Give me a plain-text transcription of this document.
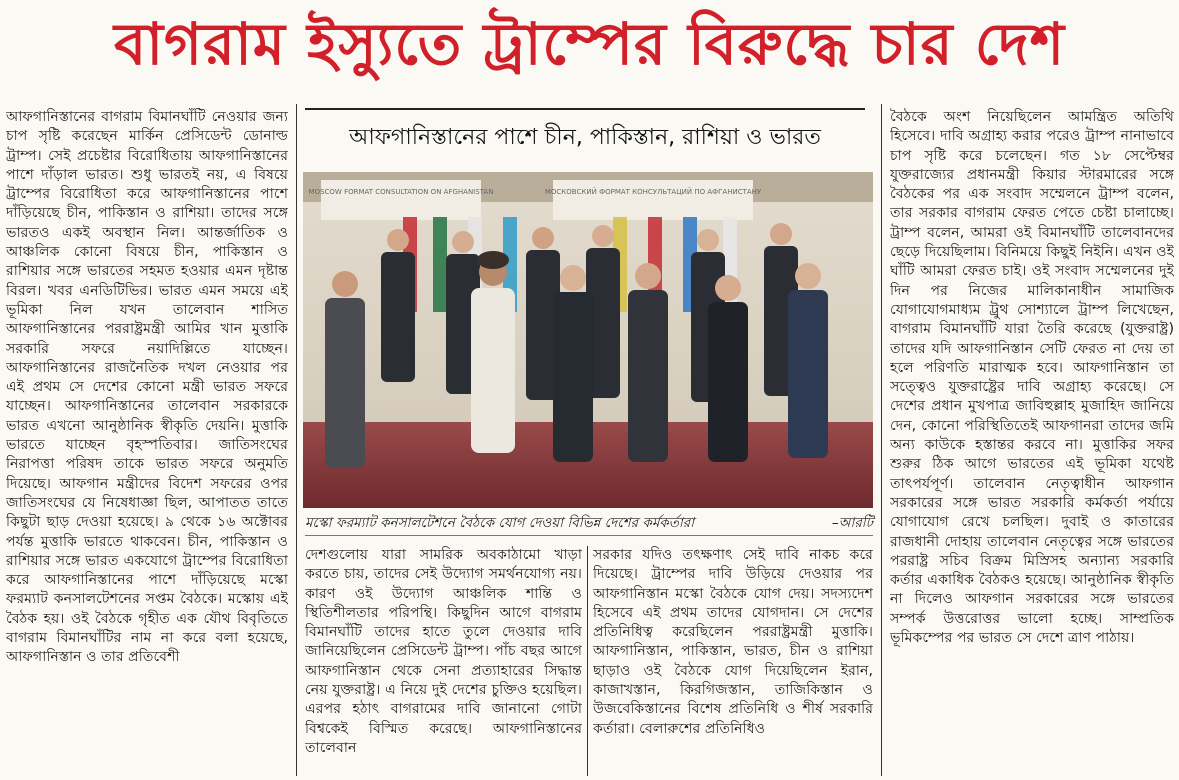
বাগরাম ইস্যুতে ট্রাম্পের বিরুদ্ধে চার দেশ

আফগানিস্তানের বাগরাম বিমানঘাঁটি নেওয়ার জন্য চাপ সৃষ্টি করেছেন মার্কিন প্রেসিডেন্ট ডোনাল্ড ট্রাম্প। সেই প্রচেষ্টার বিরোধিতায় আফগানিস্তানের পাশে দাঁড়াল ভারত। শুধু ভারতই নয়, এ বিষয়ে ট্রাম্পের বিরোধিতা করে আফগানিস্তানের পাশে দাঁড়িয়েছে চীন, পাকিস্তান ও রাশিয়া। তাদের সঙ্গে ভারতও একই অবস্থান নিল। আন্তর্জাতিক ও আঞ্চলিক কোনো বিষয়ে চীন, পাকিস্তান ও রাশিয়ার সঙ্গে ভারতের সহমত হওয়ার এমন দৃষ্টান্ত বিরল। খবর এনডিটিভির। ভারত এমন সময়ে এই ভূমিকা নিল যখন তালেবান শাসিত আফগানিস্তানের পররাষ্ট্রমন্ত্রী আমির খান মুত্তাকি সরকারি সফরে নয়াদিল্লিতে যাচ্ছেন। আফগানিস্তানের রাজনৈতিক দখল নেওয়ার পর এই প্রথম সে দেশের কোনো মন্ত্রী ভারত সফরে যাচ্ছেন। আফগানিস্তানের তালেবান সরকারকে ভারত এখনো আনুষ্ঠানিক স্বীকৃতি দেয়নি। মুত্তাকি ভারতে যাচ্ছেন বৃহস্পতিবার। জাতিসংঘের নিরাপত্তা পরিষদ তাকে ভারত সফরে অনুমতি দিয়েছে। আফগান মন্ত্রীদের বিদেশ সফরের ওপর জাতিসংঘের যে নিষেধাজ্ঞা ছিল, আপাতত তাতে কিছুটা ছাড় দেওয়া হয়েছে। ৯ থেকে ১৬ অক্টোবর পর্যন্ত মুত্তাকি ভারতে থাকবেন। চীন, পাকিস্তান ও রাশিয়ার সঙ্গে ভারত একযোগে ট্রাম্পের বিরোধিতা করে আফগানিস্তানের পাশে দাঁড়িয়েছে মস্কো ফরম্যাট কনসালটেশনের সপ্তম বৈঠকে। মস্কোয় এই বৈঠক হয়। ওই বৈঠকে গৃহীত এক যৌথ বিবৃতিতে বাগরাম বিমানঘাঁটির নাম না করে বলা হয়েছে, আফগানিস্তান ও তার প্রতিবেশী

আফগানিস্তানের পাশে চীন, পাকিস্তান, রাশিয়া ও ভারত
MOSCOW FORMAT CONSULTATION ON AFGHANISTAN	МОСКОВСКИЙ ФОРМАТ КОНСУЛЬТАЦИЙ ПО АФГАНИСТАНУ
মস্কো ফরম্যাট কনসালটেশনে বৈঠকে যোগ দেওয়া বিভিন্ন দেশের কর্মকর্তারা	–আরটি

দেশগুলোয় যারা সামরিক অবকাঠামো খাড়া করতে চায়, তাদের সেই উদ্যোগ সমর্থনযোগ্য নয়। কারণ ওই উদ্যোগ আঞ্চলিক শান্তি ও স্থিতিশীলতার পরিপন্থি। কিছুদিন আগে বাগরাম বিমানঘাঁটি তাদের হাতে তুলে দেওয়ার দাবি জানিয়েছিলেন প্রেসিডেন্ট ট্রাম্প। পাঁচ বছর আগে আফগানিস্তান থেকে সেনা প্রত্যাহারের সিদ্ধান্ত নেয় যুক্তরাষ্ট্র। এ নিয়ে দুই দেশের চুক্তিও হয়েছিল। এরপর হঠাৎ বাগরামের দাবি জানানো গোটা বিশ্বকেই বিস্মিত করেছে। আফগানিস্তানের তালেবান

সরকার যদিও তৎক্ষণাৎ সেই দাবি নাকচ করে দিয়েছে। ট্রাম্পের দাবি উড়িয়ে দেওয়ার পর আফগানিস্তান মস্কো বৈঠকে যোগ দেয়। সদস্যদেশ হিসেবে এই প্রথম তাদের যোগদান। সে দেশের প্রতিনিধিত্ব করেছিলেন পররাষ্ট্রমন্ত্রী মুত্তাকি। আফগানিস্তান, পাকিস্তান, ভারত, চীন ও রাশিয়া ছাড়াও ওই বৈঠকে যোগ দিয়েছিলেন ইরান, কাজাখস্তান, কিরগিজস্তান, তাজিকিস্তান ও উজবেকিস্তানের বিশেষ প্রতিনিধি ও শীর্ষ সরকারি কর্তারা। বেলারুশের প্রতিনিধিও

বৈঠকে অংশ নিয়েছিলেন আমন্ত্রিত অতিথি হিসেবে। দাবি অগ্রাহ্য করার পরেও ট্রাম্প নানাভাবে চাপ সৃষ্টি করে চলেছেন। গত ১৮ সেপ্টেম্বর যুক্তরাজ্যের প্রধানমন্ত্রী কিয়ার স্টারমারের সঙ্গে বৈঠকের পর এক সংবাদ সম্মেলনে ট্রাম্প বলেন, তার সরকার বাগরাম ফেরত পেতে চেষ্টা চালাচ্ছে। ট্রাম্প বলেন, আমরা ওই বিমানঘাঁটি তালেবানদের ছেড়ে দিয়েছিলাম। বিনিময়ে কিছুই নিইনি। এখন ওই ঘাঁটি আমরা ফেরত চাই। ওই সংবাদ সম্মেলনের দুই দিন পর নিজের মালিকানাধীন সামাজিক যোগাযোগমাধ্যম ট্রুথ সোশ্যালে ট্রাম্প লিখেছেন, বাগরাম বিমানঘাঁটি যারা তৈরি করেছে (যুক্তরাষ্ট্র) তাদের যদি আফগানিস্তান সেটি ফেরত না দেয় তা হলে পরিণতি মারাত্মক হবে। আফগানিস্তান তা সত্ত্বেও যুক্তরাষ্ট্রের দাবি অগ্রাহ্য করেছে। সে দেশের প্রধান মুখপাত্র জাবিহুল্লাহ মুজাহিদ জানিয়ে দেন, কোনো পরিস্থিতিতেই আফগানরা তাদের জমি অন্য কাউকে হস্তান্তর করবে না। মুত্তাকির সফর শুরুর ঠিক আগে ভারতের এই ভূমিকা যথেষ্ট তাৎপর্যপূর্ণ। তালেবান নেতৃত্বাধীন আফগান সরকারের সঙ্গে ভারত সরকারি কর্মকর্তা পর্যায়ে যোগাযোগ রেখে চলছিল। দুবাই ও কাতারের রাজধানী দোহায় তালেবান নেতৃত্বের সঙ্গে ভারতের পররাষ্ট্র সচিব বিক্রম মিস্রিসহ অন্যান্য সরকারি কর্তার একাধিক বৈঠকও হয়েছে। আনুষ্ঠানিক স্বীকৃতি না দিলেও আফগান সরকারের সঙ্গে ভারতের সম্পর্ক উত্তরোত্তর ভালো হচ্ছে। সাম্প্রতিক ভূমিকম্পের পর ভারত সে দেশে ত্রাণ পাঠায়।
